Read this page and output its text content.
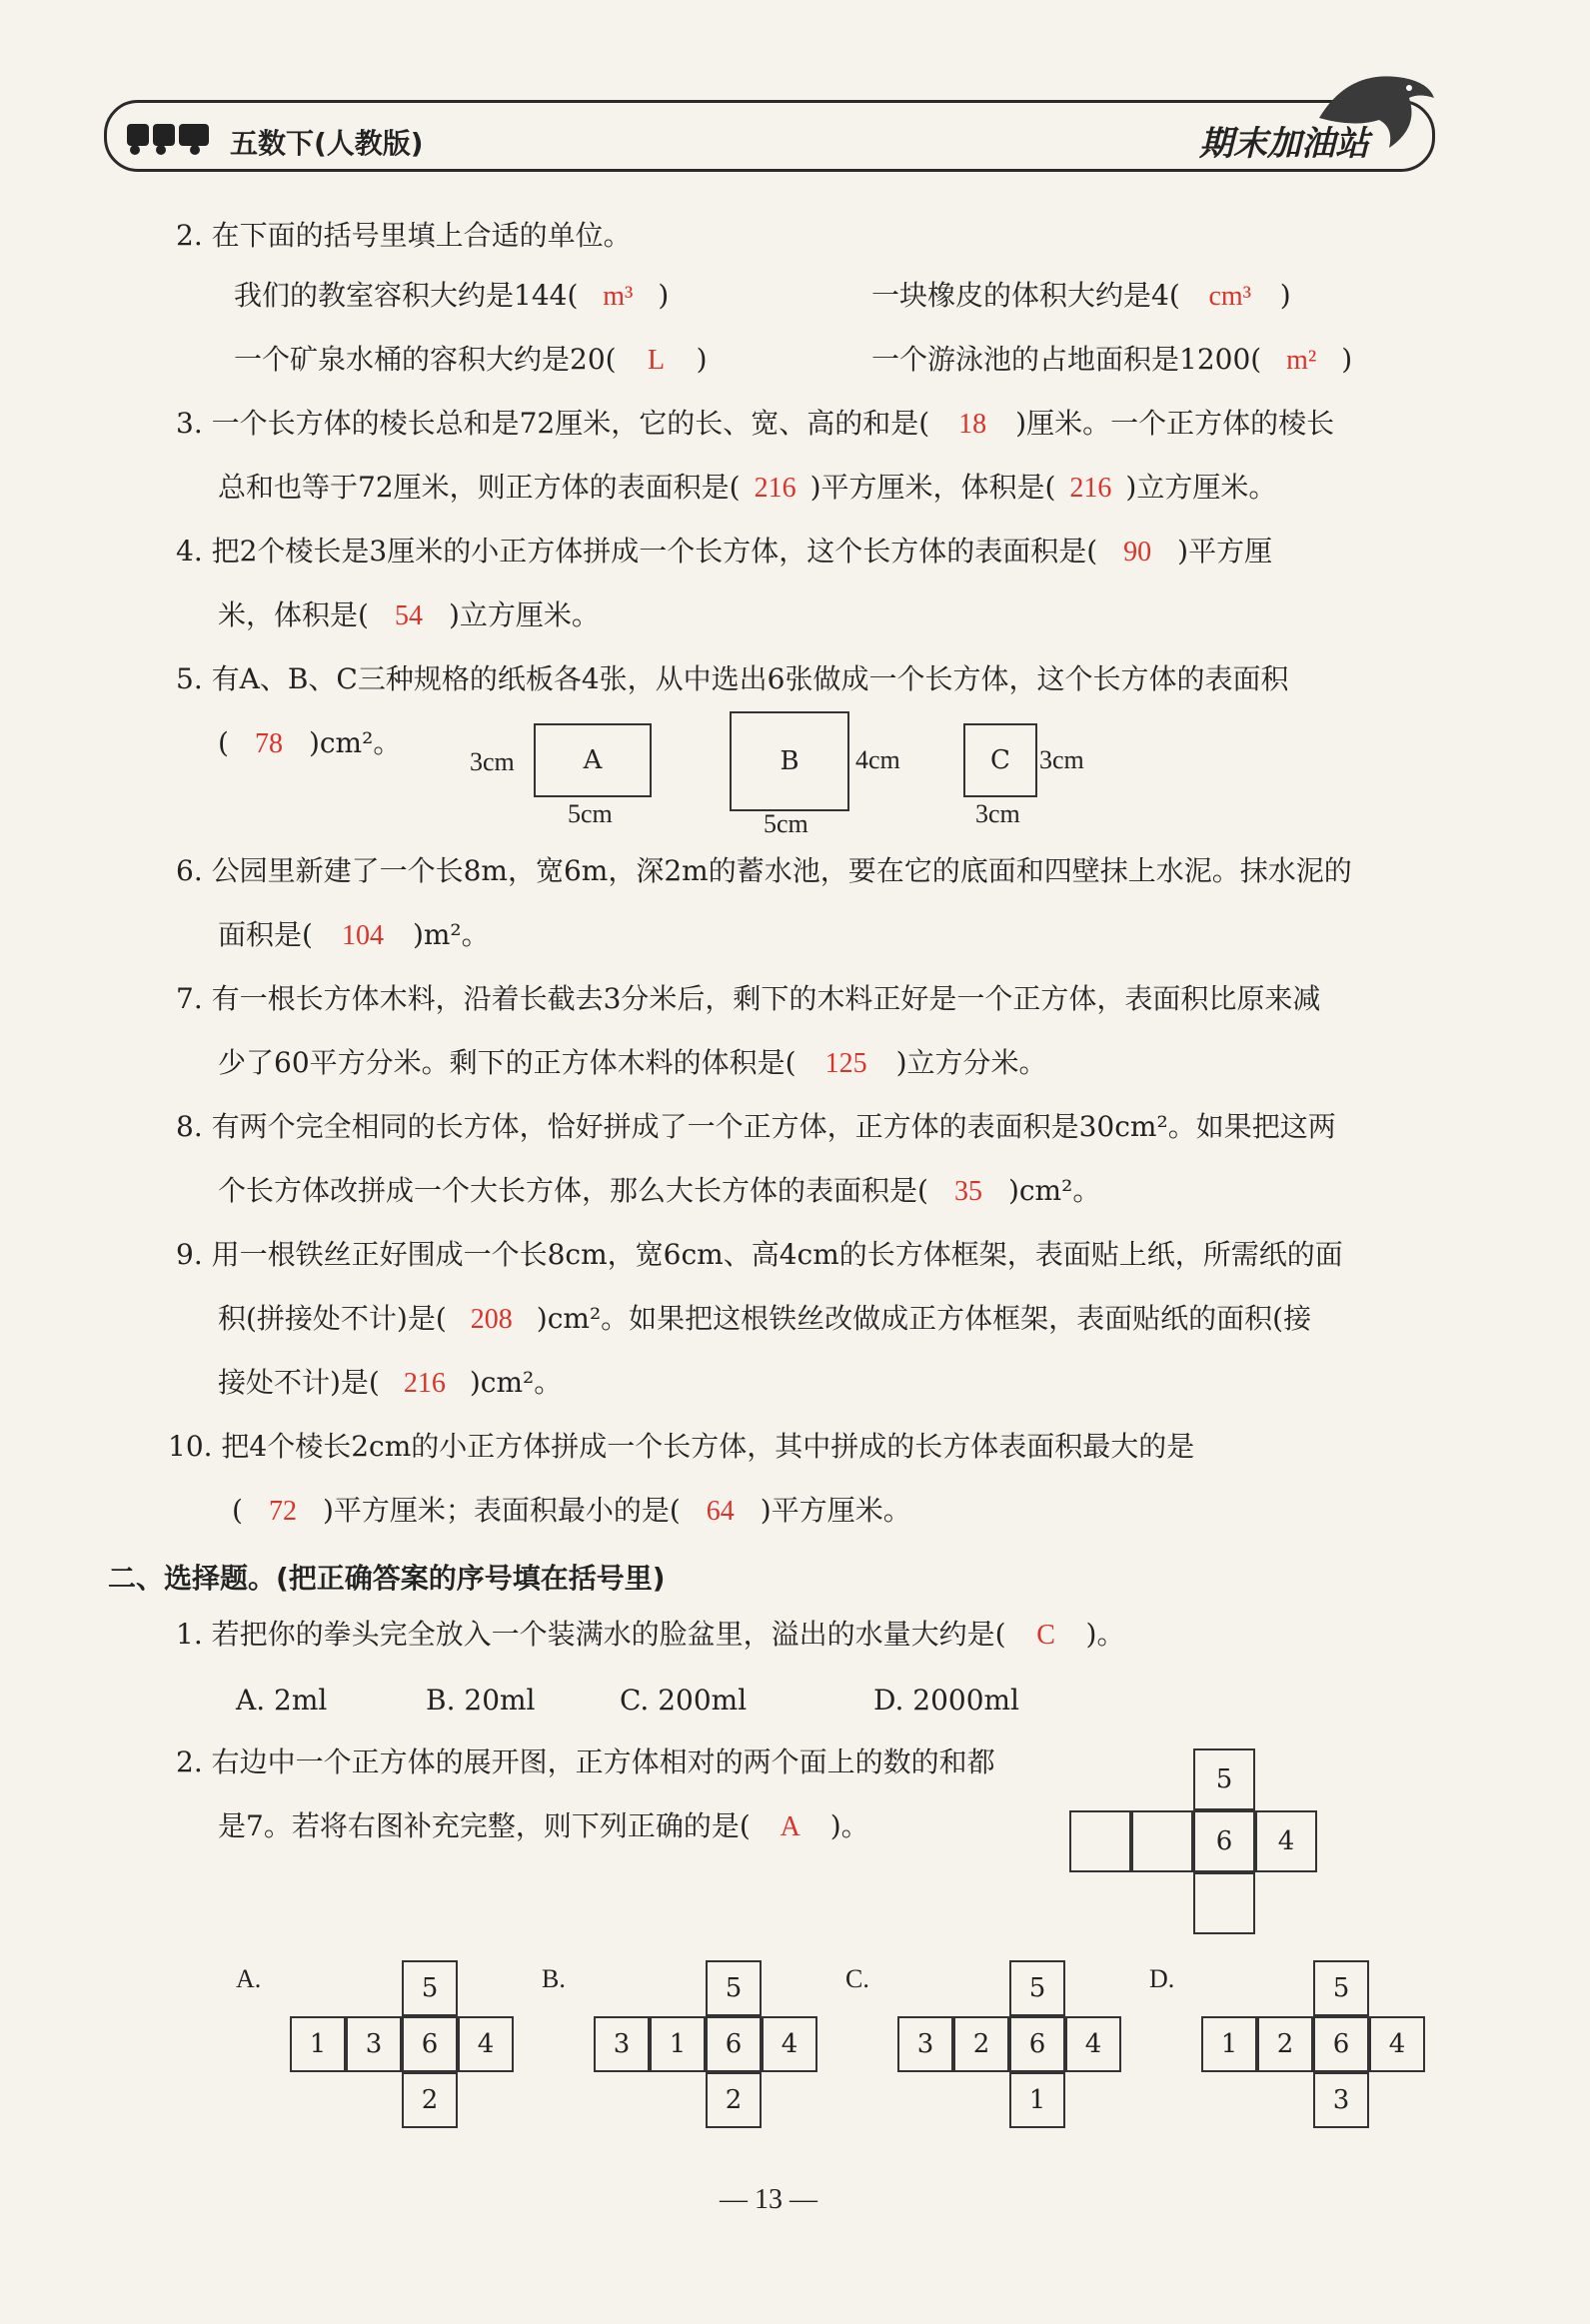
五数下(人教版)	期末加油站
2. 在下面的括号里填上合适的单位。
我们的教室容积大约是144( m³ )	一块橡皮的体积大约是4( cm³ )
一个矿泉水桶的容积大约是20( L )	一个游泳池的占地面积是1200( m² )
3. 一个长方体的棱长总和是72厘米，它的长、宽、高的和是( 18 )厘米。一个正方体的棱长
总和也等于72厘米，则正方体的表面积是( 216 )平方厘米，体积是( 216 )立方厘米。
4. 把2个棱长是3厘米的小正方体拼成一个长方体，这个长方体的表面积是( 90 )平方厘
米，体积是( 54 )立方厘米。
5. 有A、B、C三种规格的纸板各4张，从中选出6张做成一个长方体，这个长方体的表面积
( 78 )cm²。
3cm	A
5cm
B	4cm
5cm
C	3cm
3cm
6. 公园里新建了一个长8m，宽6m，深2m的蓄水池，要在它的底面和四壁抹上水泥。抹水泥的
面积是( 104 )m²。
7. 有一根长方体木料，沿着长截去3分米后，剩下的木料正好是一个正方体，表面积比原来减
少了60平方分米。剩下的正方体木料的体积是( 125 )立方分米。
8. 有两个完全相同的长方体，恰好拼成了一个正方体，正方体的表面积是30cm²。如果把这两
个长方体改拼成一个大长方体，那么大长方体的表面积是( 35 )cm²。
9. 用一根铁丝正好围成一个长8cm，宽6cm、高4cm的长方体框架，表面贴上纸，所需纸的面
积(拼接处不计)是( 208 )cm²。如果把这根铁丝改做成正方体框架，表面贴纸的面积(接
接处不计)是( 216 )cm²。
10. 把4个棱长2cm的小正方体拼成一个长方体，其中拼成的长方体表面积最大的是
( 72 )平方厘米；表面积最小的是( 64 )平方厘米。
二、选择题。(把正确答案的序号填在括号里)
1. 若把你的拳头完全放入一个装满水的脸盆里，溢出的水量大约是( C )。
A. 2ml	B. 20ml	C. 200ml	D. 2000ml
2. 右边中一个正方体的展开图，正方体相对的两个面上的数的和都
是7。若将右图补充完整，则下列正确的是( A )。
5
6	4
A.	5
1	3	6	4
2
B.	5
3	1	6	4
2
C.	5
3	2	6	4
1
D.	5
1	2	6	4
3
— 13 —
